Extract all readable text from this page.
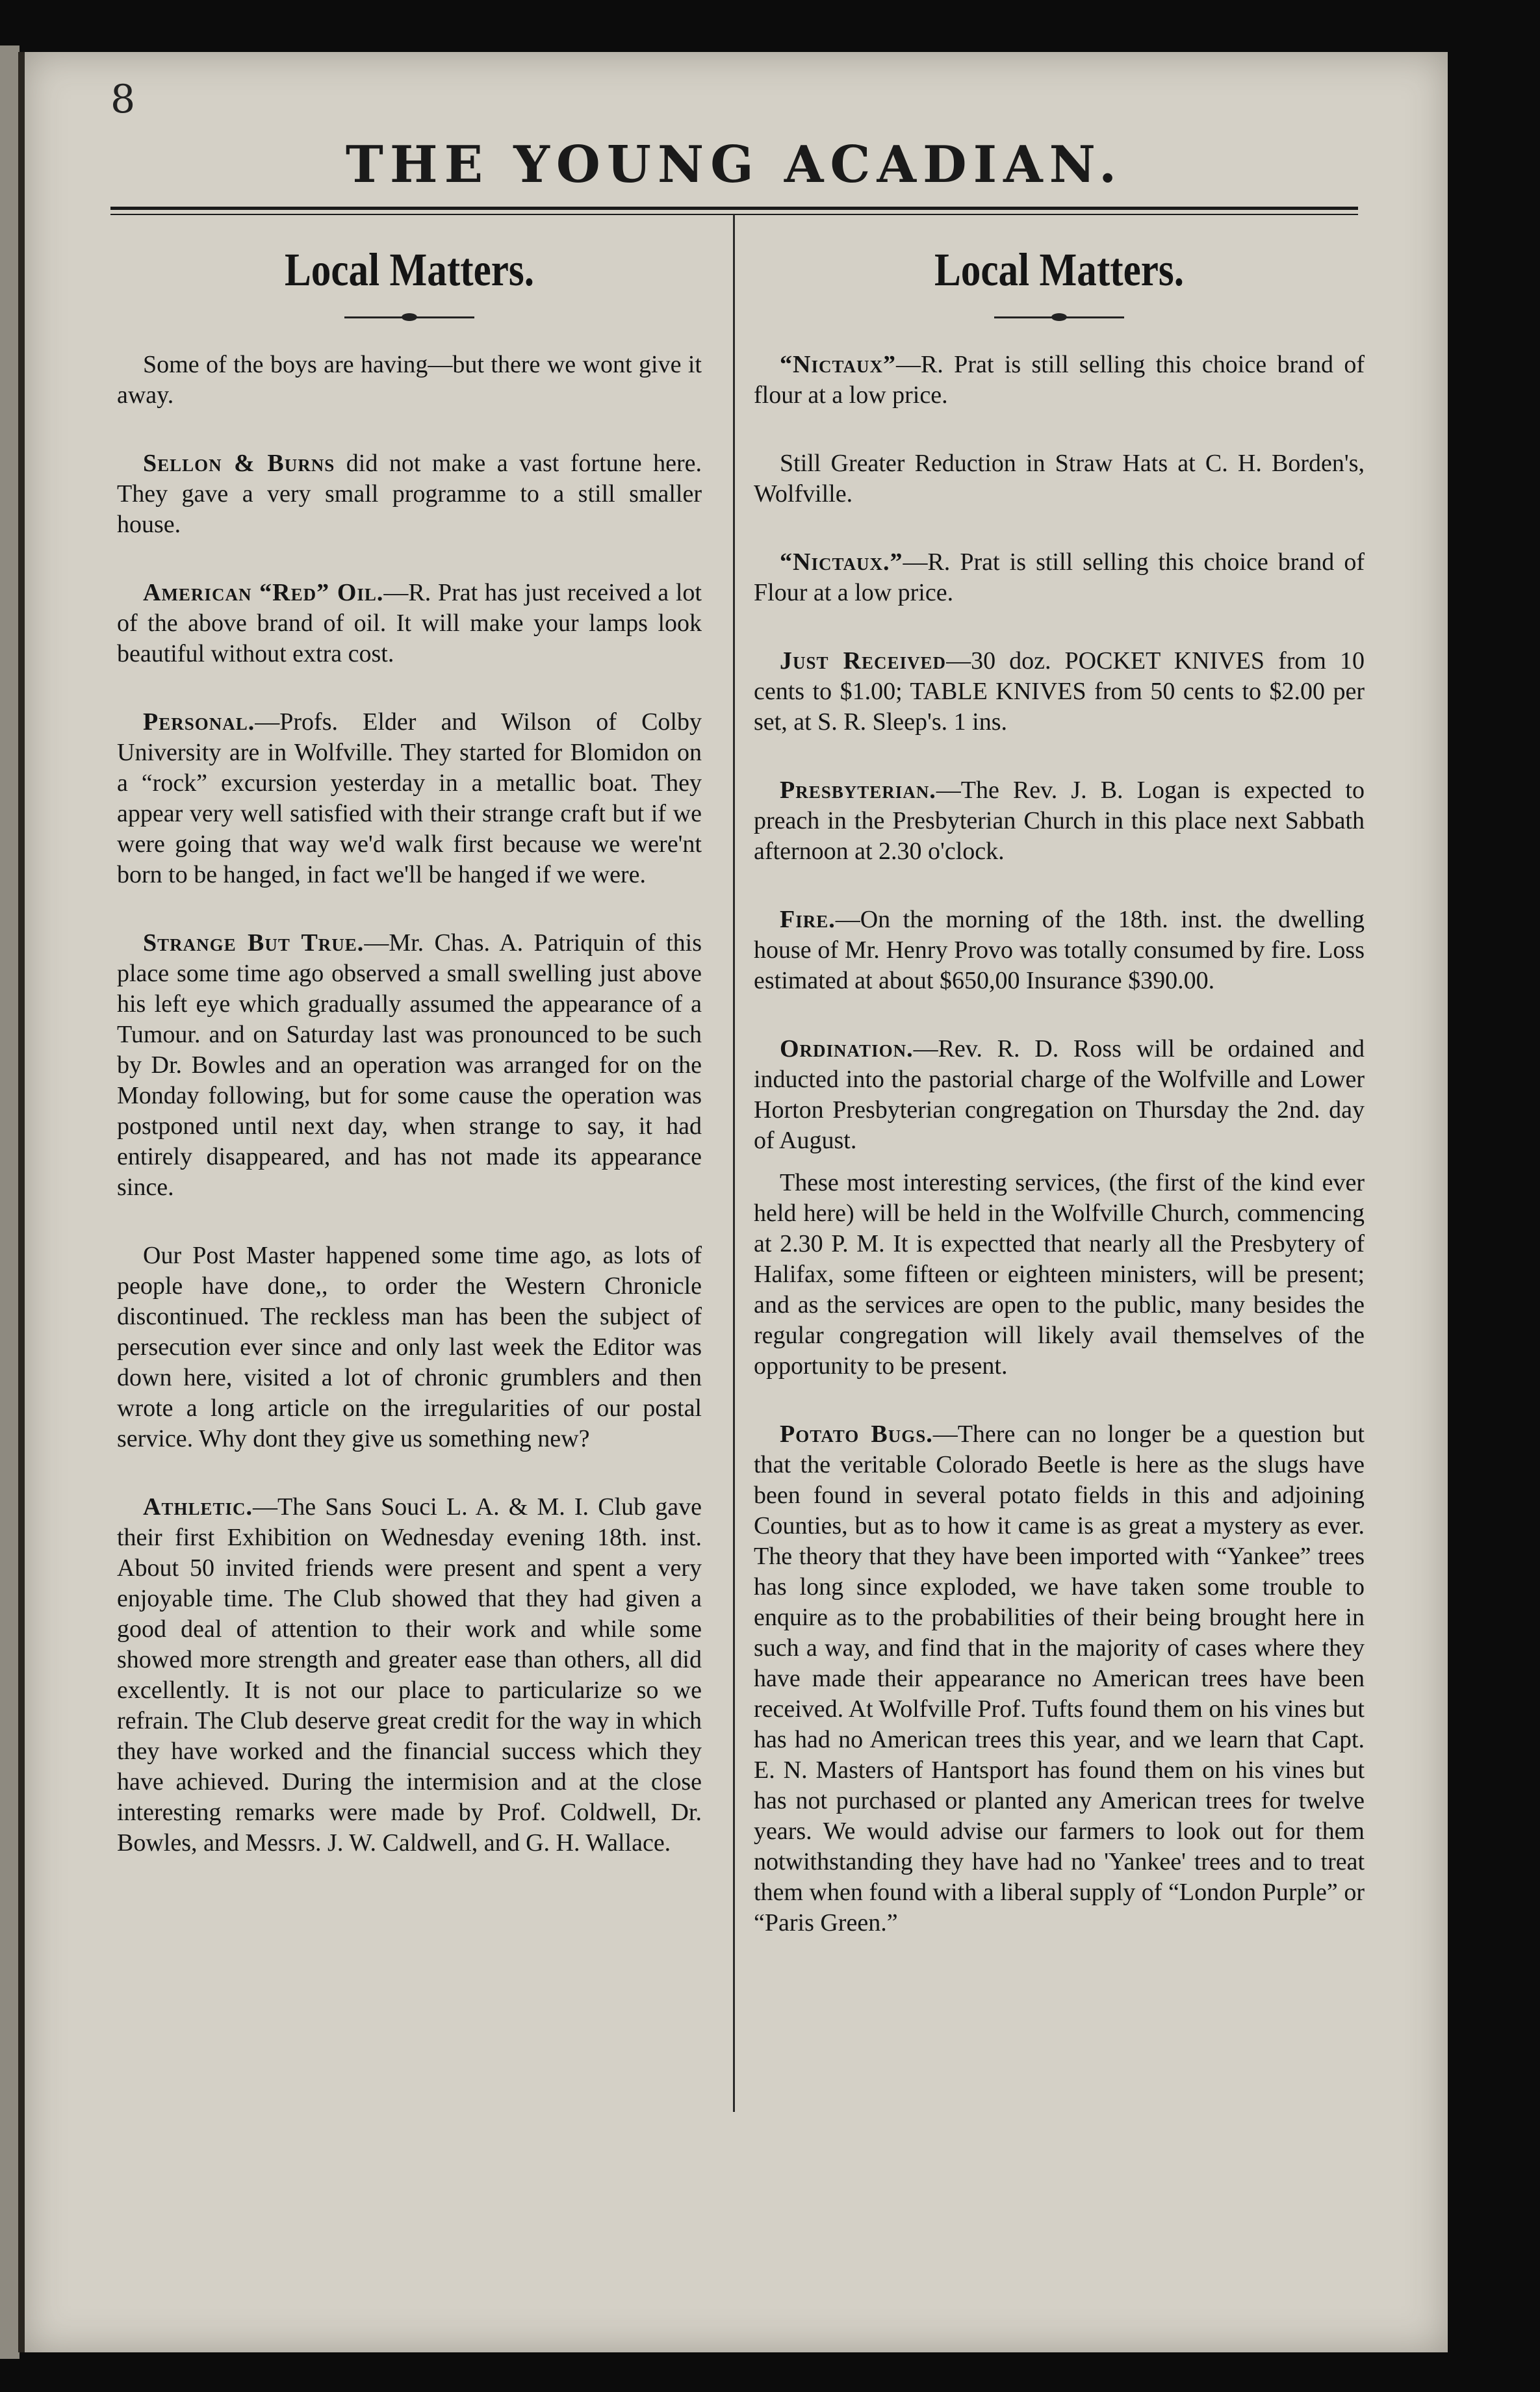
8
THE YOUNG ACADIAN.
Local Matters.

Some of the boys are having—but there we wont give it away.

Sellon & Burns did not make a vast fortune here. They gave a very small programme to a still smaller house.

American “Red” Oil.—R. Prat has just received a lot of the above brand of oil. It will make your lamps look beautiful without extra cost.

Personal.—Profs. Elder and Wilson of Colby University are in Wolfville. They started for Blomidon on a “rock” excursion yesterday in a metallic boat. They appear very well satisfied with their strange craft but if we were going that way we'd walk first because we were'nt born to be hanged, in fact we'll be hanged if we were.

Strange But True.—Mr. Chas. A. Patriquin of this place some time ago observed a small swelling just above his left eye which gradually assumed the appearance of a Tumour. and on Saturday last was pronounced to be such by Dr. Bowles and an operation was arranged for on the Monday following, but for some cause the operation was postponed until next day, when strange to say, it had entirely disappeared, and has not made its appearance since.

Our Post Master happened some time ago, as lots of people have done,, to order the Western Chronicle discontinued. The reckless man has been the subject of persecution ever since and only last week the Editor was down here, visited a lot of chronic grumblers and then wrote a long article on the irregularities of our postal service. Why dont they give us something new?

Athletic.—The Sans Souci L. A. & M. I. Club gave their first Exhibition on Wednesday evening 18th. inst. About 50 invited friends were present and spent a very enjoyable time. The Club showed that they had given a good deal of attention to their work and while some showed more strength and greater ease than others, all did excellently. It is not our place to particularize so we refrain. The Club deserve great credit for the way in which they have worked and the financial success which they have achieved. During the intermision and at the close interesting remarks were made by Prof. Coldwell, Dr. Bowles, and Messrs. J. W. Caldwell, and G. H. Wallace.

Local Matters.

“Nictaux”—R. Prat is still selling this choice brand of flour at a low price.

Still Greater Reduction in Straw Hats at C. H. Borden's, Wolfville.

“Nictaux.”—R. Prat is still selling this choice brand of Flour at a low price.

Just Received—30 doz. POCKET KNIVES from 10 cents to $1.00; TABLE KNIVES from 50 cents to $2.00 per set, at S. R. Sleep's. 1 ins.

Presbyterian.—The Rev. J. B. Logan is expected to preach in the Presbyterian Church in this place next Sabbath afternoon at 2.30 o'clock.

Fire.—On the morning of the 18th. inst. the dwelling house of Mr. Henry Provo was totally consumed by fire. Loss estimated at about $650,00 Insurance $390.00.

Ordination.—Rev. R. D. Ross will be ordained and inducted into the pastorial charge of the Wolfville and Lower Horton Presbyterian congregation on Thursday the 2nd. day of August.

These most interesting services, (the first of the kind ever held here) will be held in the Wolfville Church, commencing at 2.30 P. M. It is expectted that nearly all the Presbytery of Halifax, some fifteen or eighteen ministers, will be present; and as the services are open to the public, many besides the regular congregation will likely avail themselves of the opportunity to be present.

Potato Bugs.—There can no longer be a question but that the veritable Colorado Beetle is here as the slugs have been found in several potato fields in this and adjoining Counties, but as to how it came is as great a mystery as ever. The theory that they have been imported with “Yankee” trees has long since exploded, we have taken some trouble to enquire as to the probabilities of their being brought here in such a way, and find that in the majority of cases where they have made their appearance no American trees have been received. At Wolfville Prof. Tufts found them on his vines but has had no American trees this year, and we learn that Capt. E. N. Masters of Hantsport has found them on his vines but has not purchased or planted any American trees for twelve years. We would advise our farmers to look out for them notwithstanding they have had no 'Yankee' trees and to treat them when found with a liberal supply of “London Purple” or “Paris Green.”
